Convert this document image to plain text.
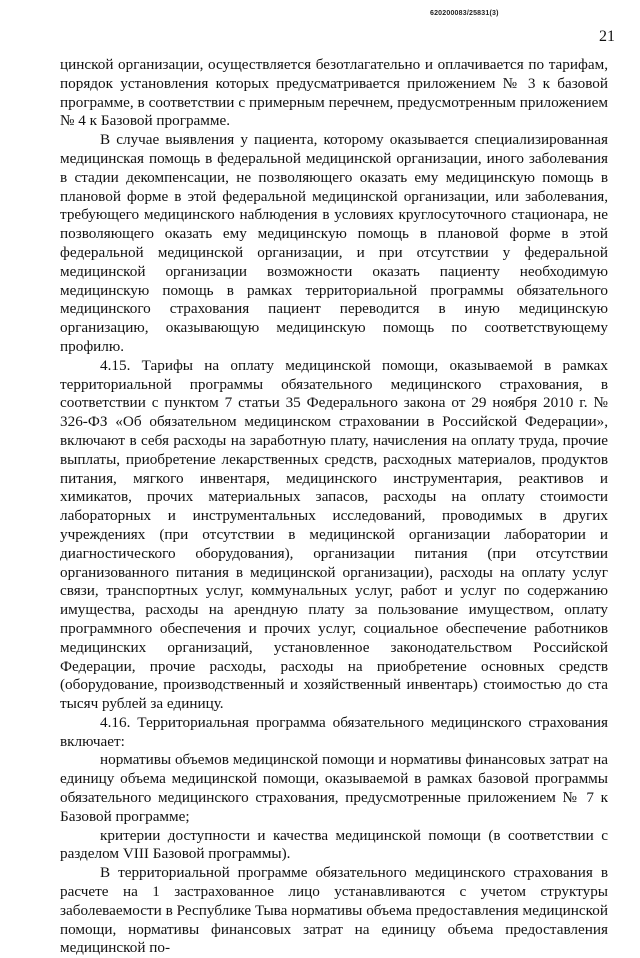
620200083/25831(3)
21

цинской организации, осуществляется безотлагательно и оплачивается по тарифам, порядок установления которых предусматривается приложением № 3 к базовой программе, в соответствии с примерным перечнем, предусмотренным приложением № 4 к Базовой программе.

В случае выявления у пациента, которому оказывается специализированная медицинская помощь в федеральной медицинской организации, иного заболевания в стадии декомпенсации, не позволяющего оказать ему медицинскую помощь в плановой форме в этой федеральной медицинской организации, или заболевания, требующего медицинского наблюдения в условиях круглосуточного стационара, не позволяющего оказать ему медицинскую помощь в плановой форме в этой федеральной медицинской организации, и при отсутствии у федеральной медицинской организации возможности оказать пациенту необходимую медицинскую помощь в рамках территориальной программы обязательного медицинского страхования пациент переводится в иную медицинскую организацию, оказывающую медицинскую помощь по соответствующему профилю.

4.15. Тарифы на оплату медицинской помощи, оказываемой в рамках территориальной программы обязательного медицинского страхования, в соответствии с пунктом 7 статьи 35 Федерального закона от 29 ноября 2010 г. № 326-ФЗ «Об обязательном медицинском страховании в Российской Федерации», включают в себя расходы на заработную плату, начисления на оплату труда, прочие выплаты, приобретение лекарственных средств, расходных материалов, продуктов питания, мягкого инвентаря, медицинского инструментария, реактивов и химикатов, прочих материальных запасов, расходы на оплату стоимости лабораторных и инструментальных исследований, проводимых в других учреждениях (при отсутствии в медицинской организации лаборатории и диагностического оборудования), организации питания (при отсутствии организованного питания в медицинской организации), расходы на оплату услуг связи, транспортных услуг, коммунальных услуг, работ и услуг по содержанию имущества, расходы на арендную плату за пользование имуществом, оплату программного обеспечения и прочих услуг, социальное обеспечение работников медицинских организаций, установленное законодательством Российской Федерации, прочие расходы, расходы на приобретение основных средств (оборудование, производственный и хозяйственный инвентарь) стоимостью до ста тысяч рублей за единицу.

4.16. Территориальная программа обязательного медицинского страхования включает:

нормативы объемов медицинской помощи и нормативы финансовых затрат на единицу объема медицинской помощи, оказываемой в рамках базовой программы обязательного медицинского страхования, предусмотренные приложением № 7 к Базовой программе;

критерии доступности и качества медицинской помощи (в соответствии с разделом VIII Базовой программы).

В территориальной программе обязательного медицинского страхования в расчете на 1 застрахованное лицо устанавливаются с учетом структуры заболеваемости в Республике Тыва нормативы объема предоставления медицинской помощи, нормативы финансовых затрат на единицу объема предоставления медицинской по-
